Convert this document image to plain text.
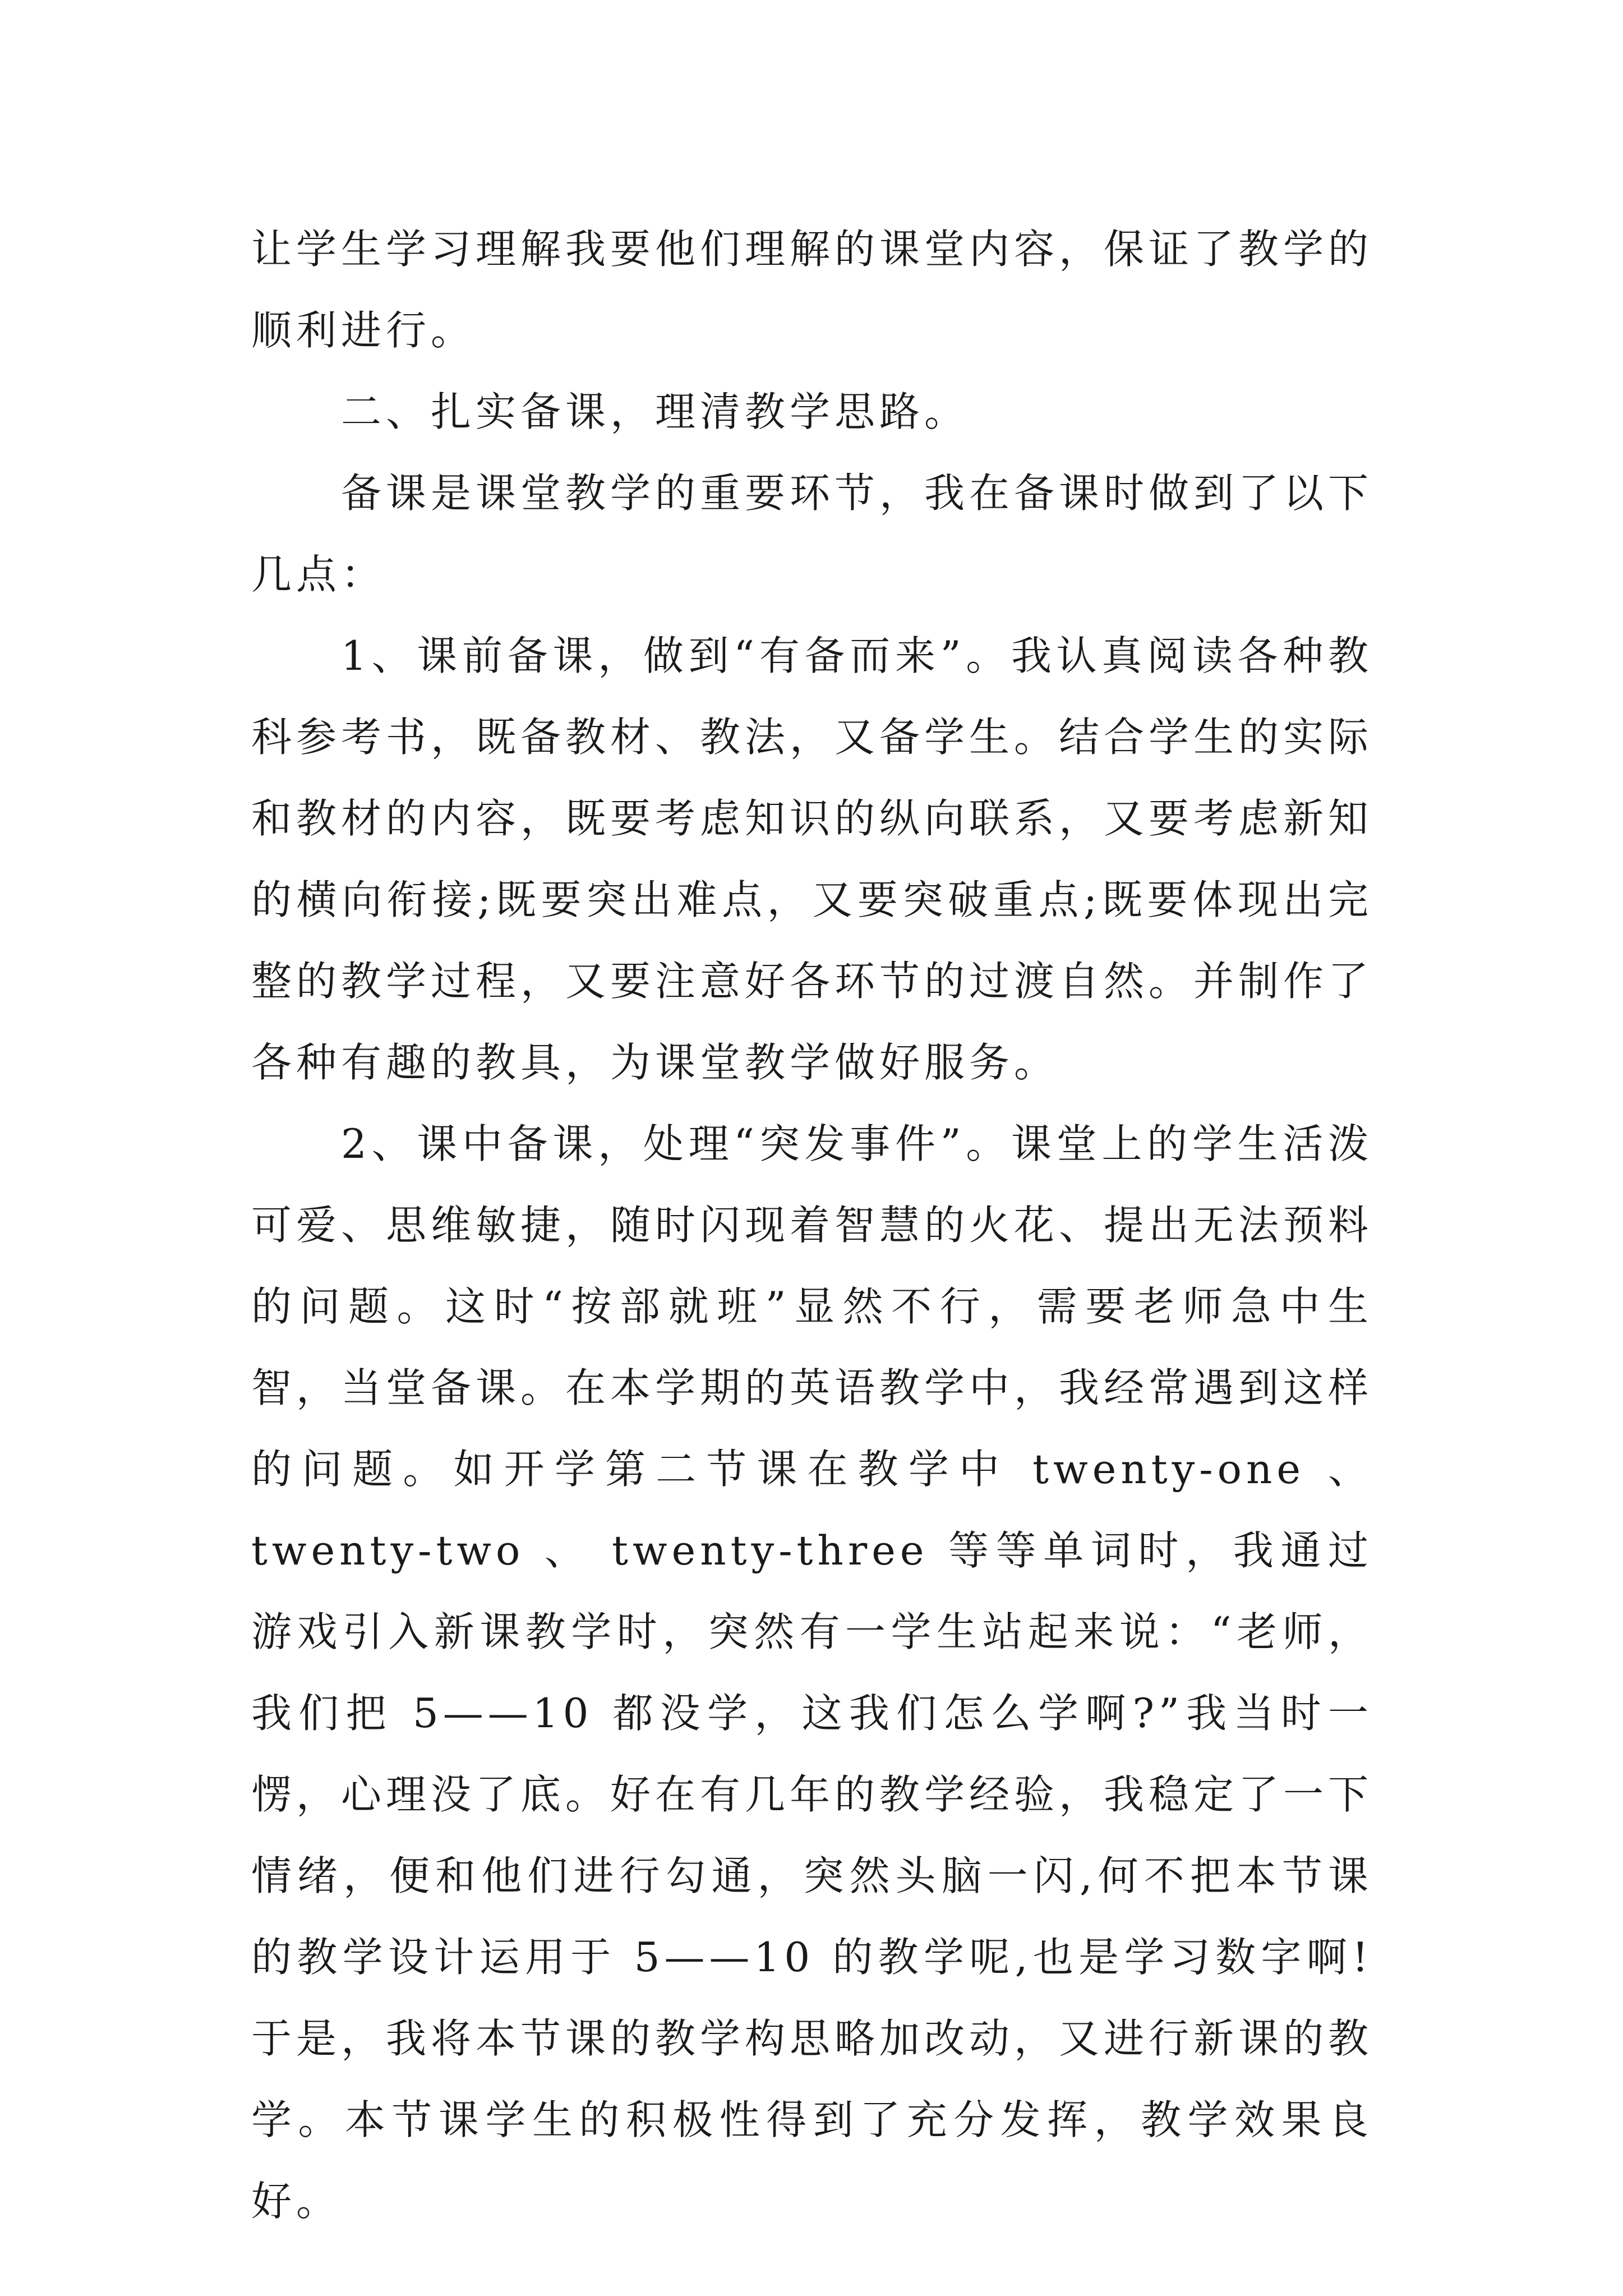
让学生学习理解我要他们理解的课堂内容，保证了教学的顺利进行。

二、扎实备课，理清教学思路。

备课是课堂教学的重要环节，我在备课时做到了以下几点：

1、课前备课，做到“有备而来”。我认真阅读各种教科参考书，既备教材、教法，又备学生。结合学生的实际和教材的内容，既要考虑知识的纵向联系，又要考虑新知的横向衔接;既要突出难点，又要突破重点;既要体现出完整的教学过程，又要注意好各环节的过渡自然。并制作了各种有趣的教具，为课堂教学做好服务。

2、课中备课，处理“突发事件”。课堂上的学生活泼可爱、思维敏捷，随时闪现着智慧的火花、提出无法预料的问题。这时“按部就班”显然不行，需要老师急中生智，当堂备课。在本学期的英语教学中，我经常遇到这样的问题。如开学第二节课在教学中 twenty-one 、 twenty-two 、 twenty-three 等等单词时，我通过游戏引入新课教学时，突然有一学生站起来说：“老师，我们把 5——10 都没学，这我们怎么学啊?”我当时一愣，心理没了底。好在有几年的教学经验，我稳定了一下情绪，便和他们进行勾通，突然头脑一闪,何不把本节课的教学设计运用于 5——10 的教学呢,也是学习数字啊!于是，我将本节课的教学构思略加改动，又进行新课的教学。本节课学生的积极性得到了充分发挥，教学效果良好。
